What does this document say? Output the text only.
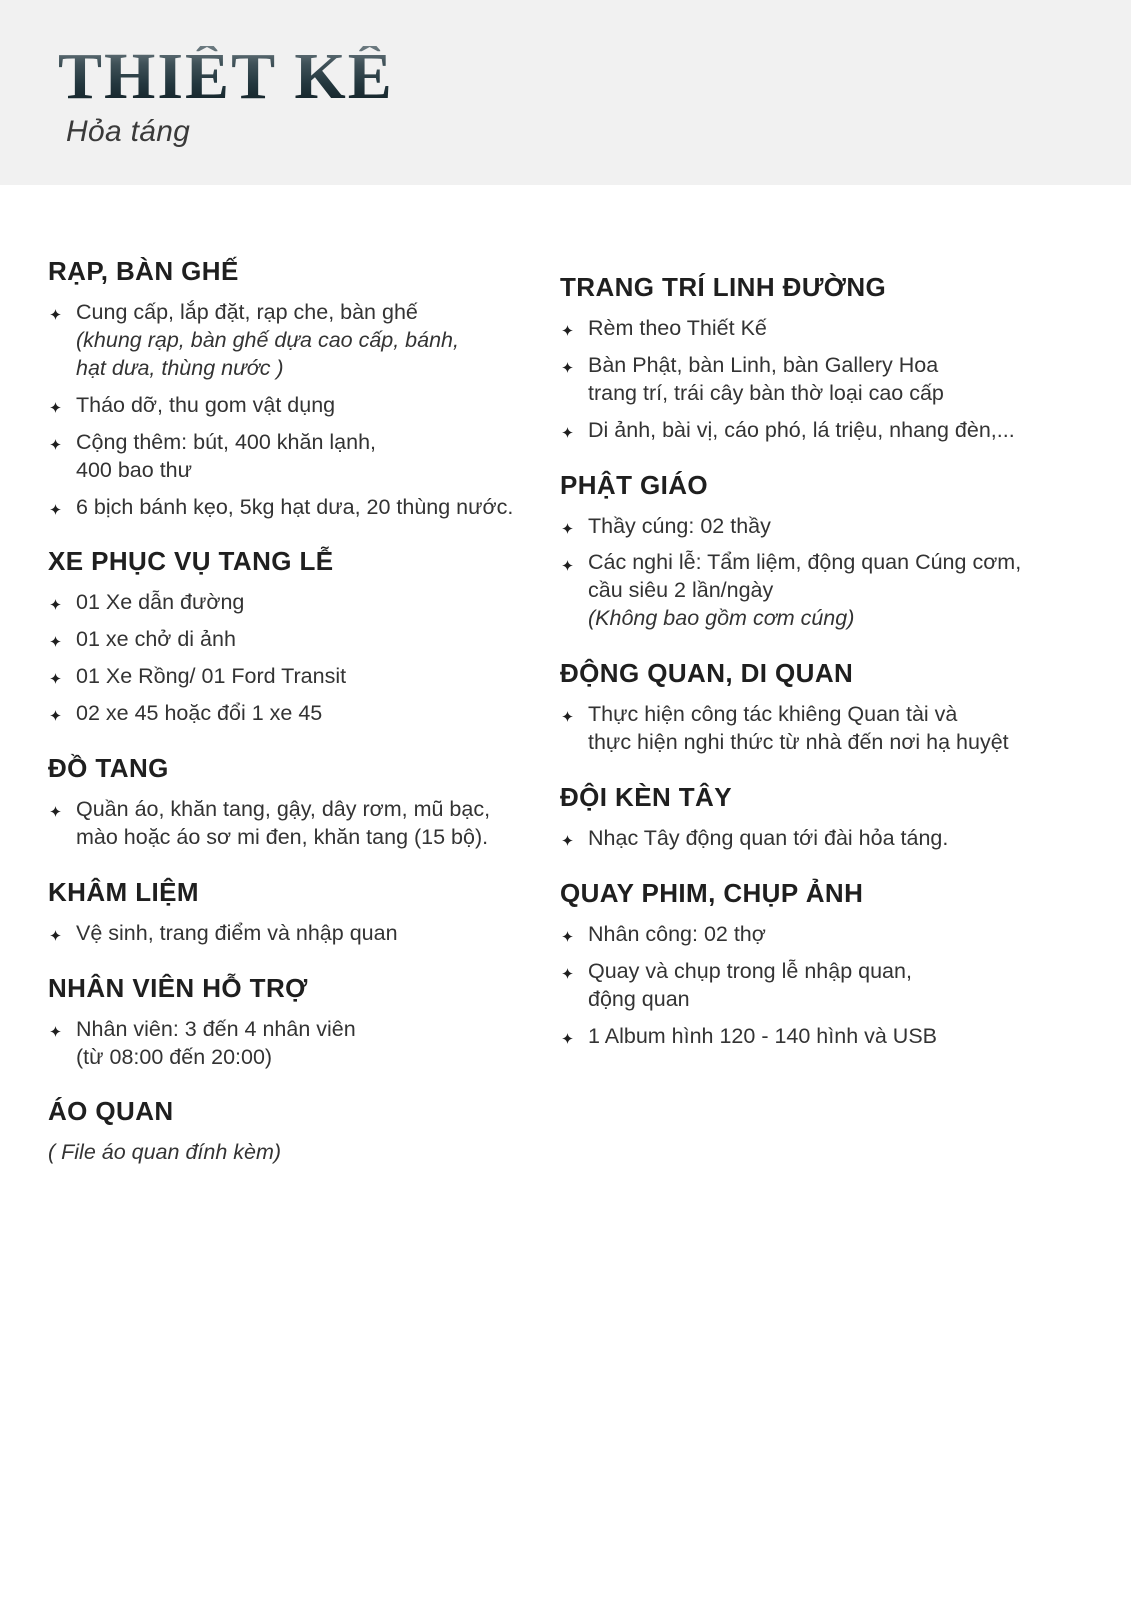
THIẾT KẾ
Hỏa táng
RẠP, BÀN GHẾ
Cung cấp, lắp đặt, rạp che, bàn ghế
(khung rạp, bàn ghế dựa cao cấp, bánh,
hạt dưa, thùng nước )
Tháo dỡ, thu gom vật dụng
Cộng thêm: bút, 400 khăn lạnh,
400 bao thư
6 bịch bánh kẹo, 5kg hạt dưa, 20 thùng nước.
XE PHỤC VỤ TANG LỄ
01 Xe dẫn đường
01 xe chở di ảnh
01 Xe Rồng/ 01 Ford Transit
02 xe 45 hoặc đổi 1 xe 45
ĐỒ TANG
Quần áo, khăn tang, gậy, dây rơm, mũ bạc,
mào hoặc áo sơ mi đen, khăn tang (15 bộ).
KHÂM LIỆM
Vệ sinh, trang điểm và nhập quan
NHÂN VIÊN HỖ TRỢ
Nhân viên: 3 đến 4 nhân viên
(từ 08:00 đến 20:00)
ÁO QUAN

( File áo quan đính kèm)

TRANG TRÍ LINH ĐƯỜNG
Rèm theo Thiết Kế
Bàn Phật, bàn Linh, bàn Gallery Hoa
trang trí, trái cây bàn thờ loại cao cấp
Di ảnh, bài vị, cáo phó, lá triệu, nhang đèn,...
PHẬT GIÁO
Thầy cúng: 02 thầy
Các nghi lễ: Tẩm liệm, động quan Cúng cơm,
cầu siêu 2 lần/ngày
(Không bao gồm cơm cúng)
ĐỘNG QUAN, DI QUAN
Thực hiện công tác khiêng Quan tài và
thực hiện nghi thức từ nhà đến nơi hạ huyệt
ĐỘI KÈN TÂY
Nhạc Tây động quan tới đài hỏa táng.
QUAY PHIM, CHỤP ẢNH
Nhân công: 02 thợ
Quay và chụp trong lễ nhập quan,
động quan
1 Album hình 120 - 140 hình và USB
